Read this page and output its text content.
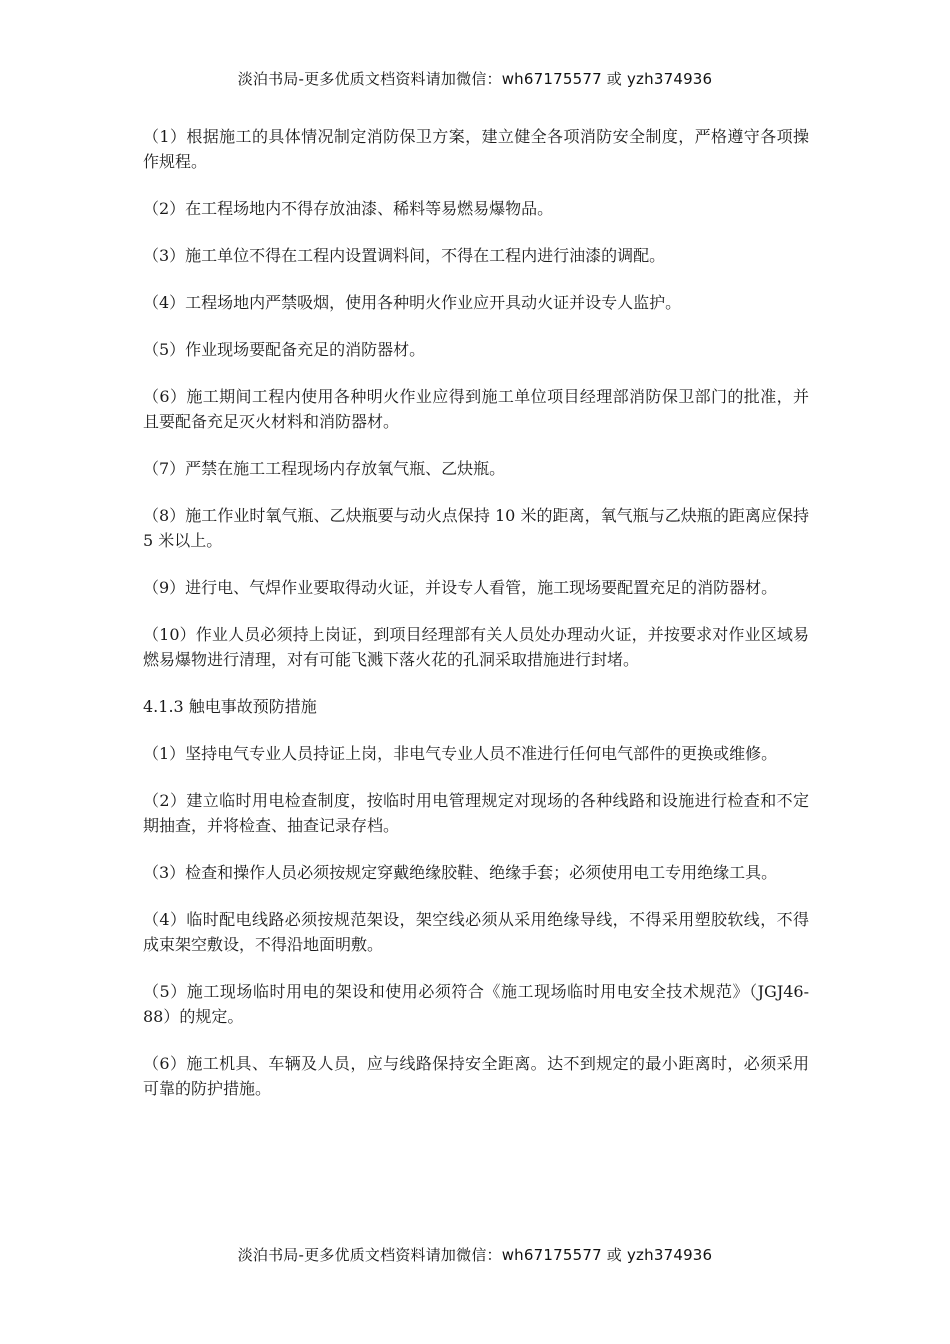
淡泊书局-更多优质文档资料请加微信：wh67175577 或 yzh374936

（1）根据施工的具体情况制定消防保卫方案，建立健全各项消防安全制度，严格遵守各项操作规程。

（2）在工程场地内不得存放油漆、稀料等易燃易爆物品。

（3）施工单位不得在工程内设置调料间，不得在工程内进行油漆的调配。

（4）工程场地内严禁吸烟，使用各种明火作业应开具动火证并设专人监护。

（5）作业现场要配备充足的消防器材。

（6）施工期间工程内使用各种明火作业应得到施工单位项目经理部消防保卫部门的批准，并且要配备充足灭火材料和消防器材。

（7）严禁在施工工程现场内存放氧气瓶、乙炔瓶。

（8）施工作业时氧气瓶、乙炔瓶要与动火点保持 10 米的距离，氧气瓶与乙炔瓶的距离应保持 5 米以上。

（9）进行电、气焊作业要取得动火证，并设专人看管，施工现场要配置充足的消防器材。

（10）作业人员必须持上岗证，到项目经理部有关人员处办理动火证，并按要求对作业区域易燃易爆物进行清理，对有可能飞溅下落火花的孔洞采取措施进行封堵。

4.1.3 触电事故预防措施

（1）坚持电气专业人员持证上岗，非电气专业人员不准进行任何电气部件的更换或维修。

（2）建立临时用电检查制度，按临时用电管理规定对现场的各种线路和设施进行检查和不定期抽查，并将检查、抽查记录存档。

（3）检查和操作人员必须按规定穿戴绝缘胶鞋、绝缘手套；必须使用电工专用绝缘工具。

（4）临时配电线路必须按规范架设，架空线必须从采用绝缘导线，不得采用塑胶软线，不得成束架空敷设，不得沿地面明敷。

（5）施工现场临时用电的架设和使用必须符合《施工现场临时用电安全技术规范》（JGJ46-88）的规定。

（6）施工机具、车辆及人员，应与线路保持安全距离。达不到规定的最小距离时，必须采用可靠的防护措施。

淡泊书局-更多优质文档资料请加微信：wh67175577 或 yzh374936
